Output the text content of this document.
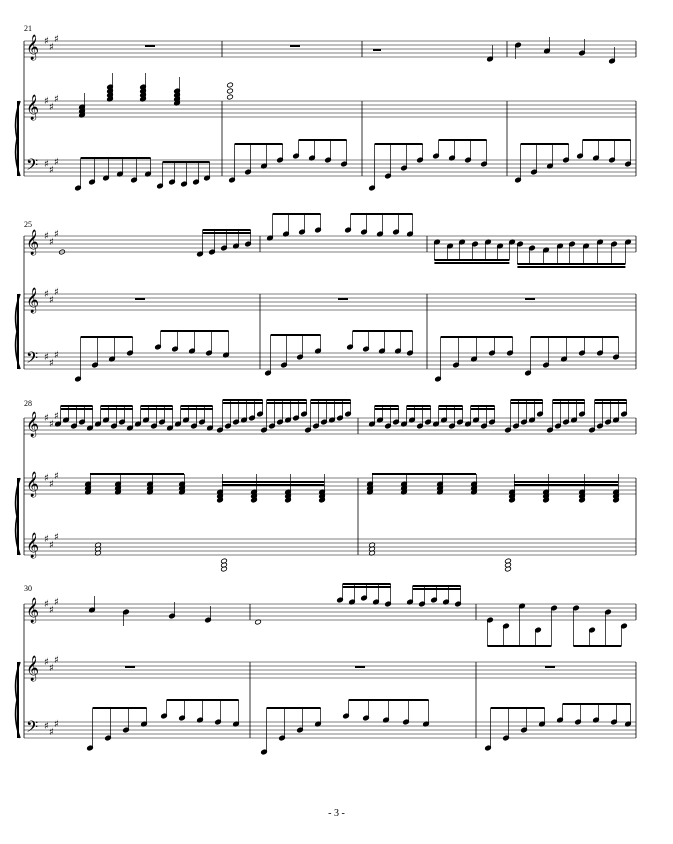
21
25
28
30
𝄞
𝄞
𝄢
♯
♯
♯
♯
♯
♯
♯
♯
♯
𝄞
𝄞
𝄢
♯
♯
♯
♯
♯
♯
♯
♯
♯
𝄞
𝄞
𝄞
♯
♯
♯
♯
♯
♯
♯
♯
♯
𝄞
𝄞
𝄢
♯
♯
♯
♯
♯
♯
♯
♯
♯
- 3 -
